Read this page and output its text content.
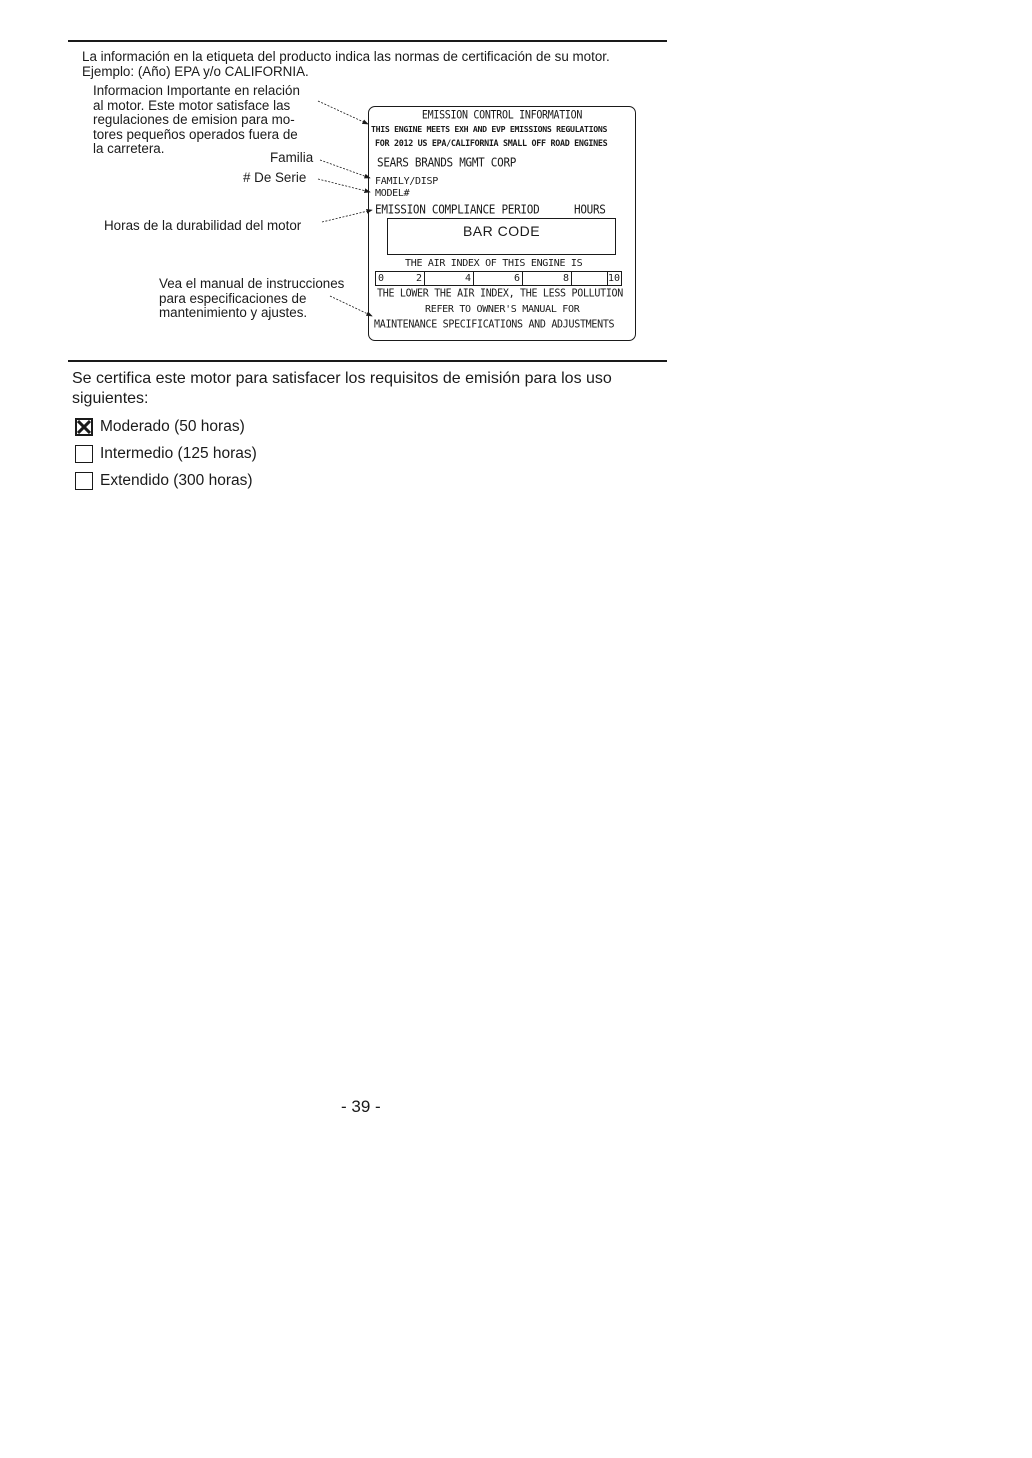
La información en la etiqueta del producto indica las normas de certificación de su motor.
Ejemplo: (Año) EPA y/o CALIFORNIA.
Informacion Importante en relación
al motor. Este motor satisface las
regulaciones de emision para mo-
tores pequeños operados fuera de
la carretera.
Familia
# De Serie
Horas de la durabilidad del motor
Vea el manual de instrucciones
para especificaciones de
mantenimiento y ajustes.
EMISSION CONTROL INFORMATION
THIS ENGINE MEETS EXH AND EVP EMISSIONS REGULATIONS
FOR 2012 US EPA/CALIFORNIA SMALL OFF ROAD ENGINES
SEARS BRANDS MGMT CORP
FAMILY/DISP
MODEL#
EMISSION COMPLIANCE PERIOD	HOURS
BAR CODE
THE AIR INDEX OF THIS ENGINE IS
0	2	4	6	8	10
THE LOWER THE AIR INDEX, THE LESS POLLUTION
REFER TO OWNER'S MANUAL FOR
MAINTENANCE SPECIFICATIONS AND ADJUSTMENTS
Se certifica este motor para satisfacer los requisitos de emisión para los uso siguientes:
Moderado (50 horas)
Intermedio (125 horas)
Extendido (300 horas)
- 39 -
